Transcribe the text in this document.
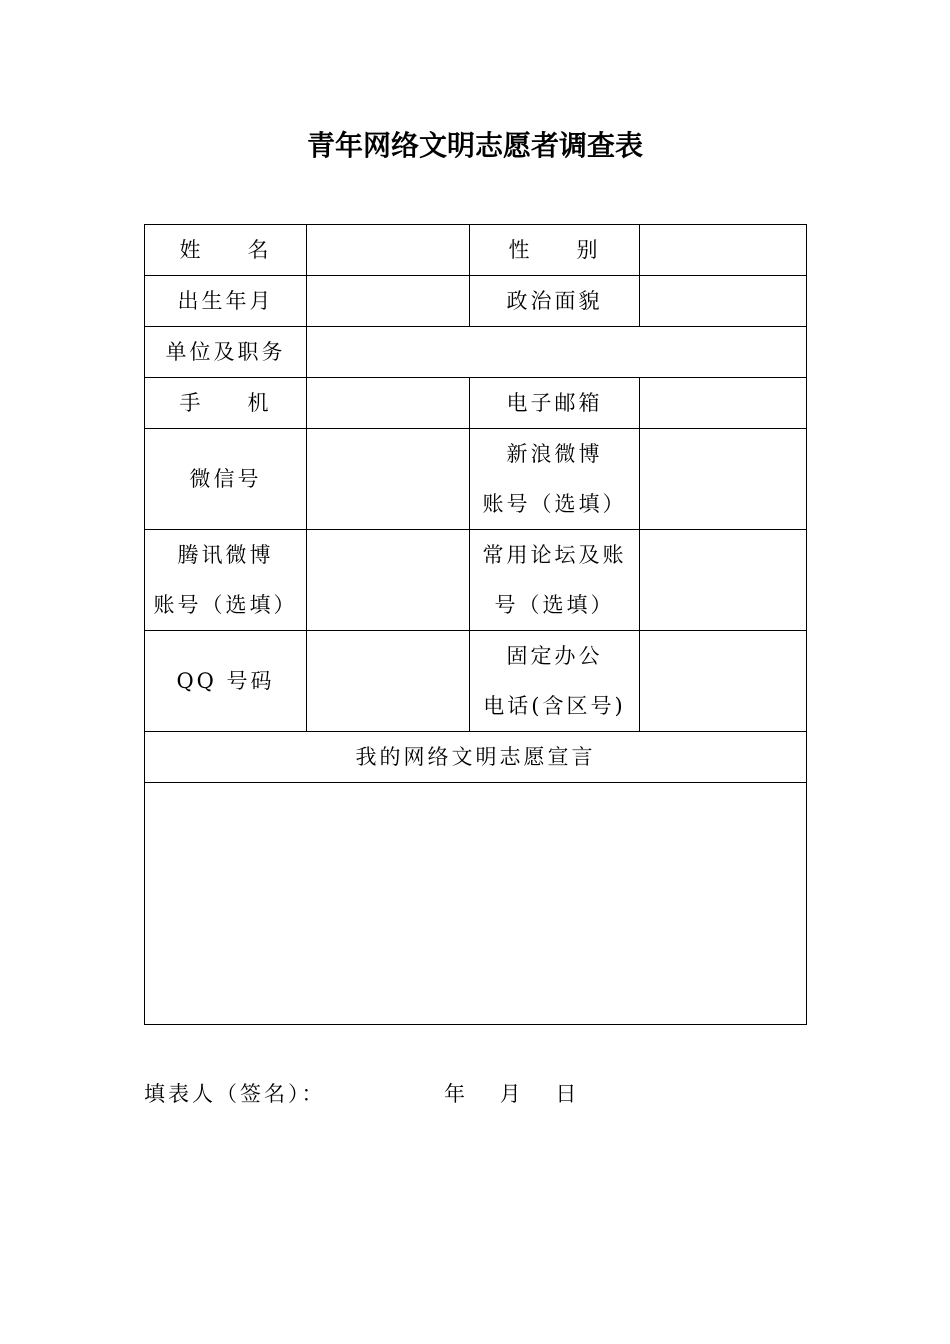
青年网络文明志愿者调查表
姓 名		性 别	

出生年月		政治面貌	
单位及职务			

手 机		电子邮箱	
微信号		新浪微博
账号（选填）	

腾讯微博
账号（选填）		常用论坛及账
号（选填）	

QQ 号码		固定办公
电话(含区号)	

我的网络文明志愿宣言			

填表人（签名）：	年 月 日
